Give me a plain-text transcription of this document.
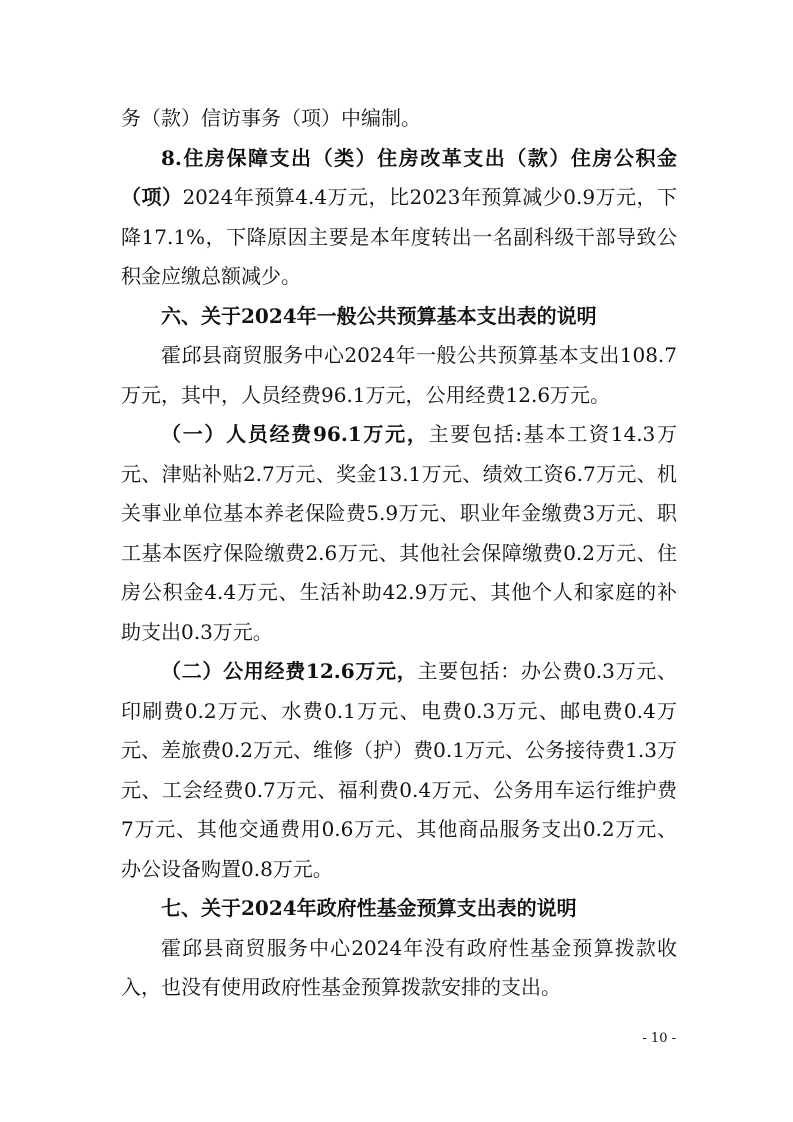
务（款）信访事务（项）中编制。

8.住房保障支出（类）住房改革支出（款）住房公积金（项）2024年预算4.4万元，比2023年预算减少0.9万元，下降17.1%，下降原因主要是本年度转出一名副科级干部导致公积金应缴总额减少。

六、关于2024年一般公共预算基本支出表的说明

霍邱县商贸服务中心2024年一般公共预算基本支出108.7万元，其中，人员经费96.1万元，公用经费12.6万元。

（一）人员经费96.1万元，主要包括:基本工资14.3万元、津贴补贴2.7万元、奖金13.1万元、绩效工资6.7万元、机关事业单位基本养老保险费5.9万元、职业年金缴费3万元、职工基本医疗保险缴费2.6万元、其他社会保障缴费0.2万元、住房公积金4.4万元、生活补助42.9万元、其他个人和家庭的补助支出0.3万元。

（二）公用经费12.6万元，主要包括：办公费0.3万元、印刷费0.2万元、水费0.1万元、电费0.3万元、邮电费0.4万元、差旅费0.2万元、维修（护）费0.1万元、公务接待费1.3万元、工会经费0.7万元、福利费0.4万元、公务用车运行维护费7万元、其他交通费用0.6万元、其他商品服务支出0.2万元、办公设备购置0.8万元。

七、关于2024年政府性基金预算支出表的说明

霍邱县商贸服务中心2024年没有政府性基金预算拨款收入，也没有使用政府性基金预算拨款安排的支出。

- 10 -
